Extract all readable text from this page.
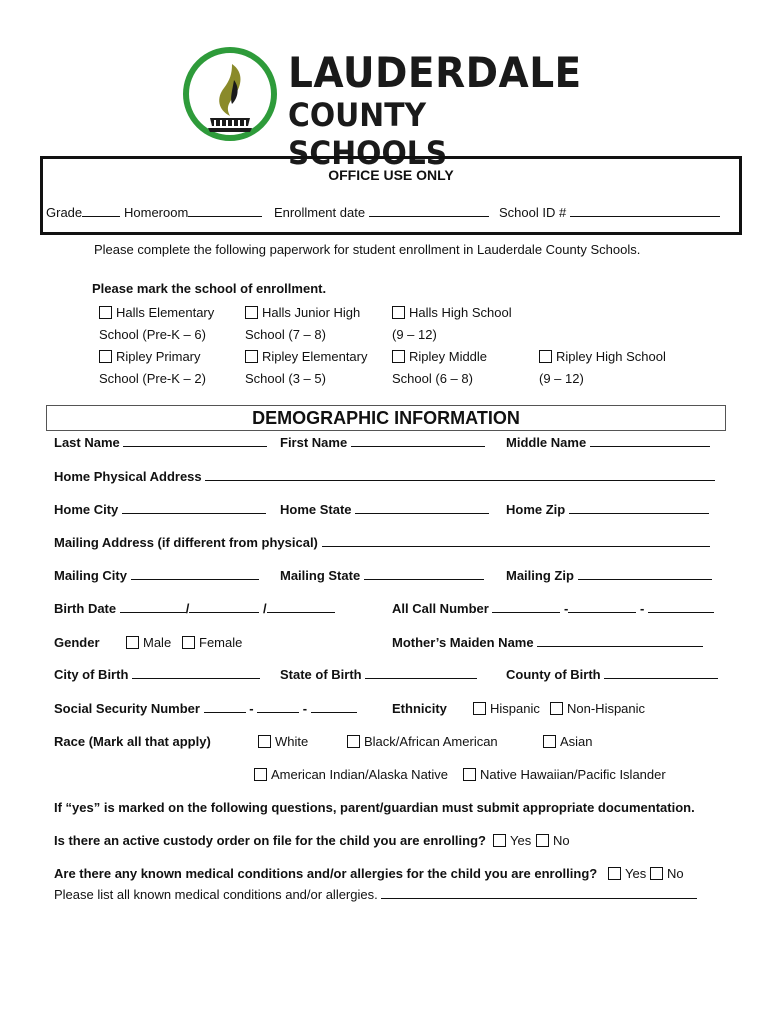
LAUDERDALE
COUNTY SCHOOLS
OFFICE USE ONLY
Grade	Homeroom	Enrollment date	School ID #
Please complete the following paperwork for student enrollment in Lauderdale County Schools.
Please mark the school of enrollment.
Halls Elementary
School (Pre-K – 6)
Halls Junior High
School (7 – 8)
Halls High School
(9 – 12)
Ripley Primary
School (Pre-K – 2)
Ripley Elementary
School (3 – 5)
Ripley Middle
School (6 – 8)
Ripley High School
(9 – 12)
DEMOGRAPHIC INFORMATION
Last Name	First Name	Middle Name
Home Physical Address
Home City	Home State	Home Zip
Mailing Address (if different from physical)
Mailing City	Mailing State	Mailing Zip
Birth Date	/	/	All Call Number	-	-
Gender	Male	Female	Mother’s Maiden Name
City of Birth	State of Birth	County of Birth
Social Security Number	-	-	Ethnicity	Hispanic	Non-Hispanic
Race (Mark all that apply)	White	Black/African American	Asian
American Indian/Alaska Native	Native Hawaiian/Pacific Islander
If “yes” is marked on the following questions, parent/guardian must submit appropriate documentation.
Is there an active custody order on file for the child you are enrolling?	Yes	No
Are there any known medical conditions and/or allergies for the child you are enrolling?	Yes	No
Please list all known medical conditions and/or allergies.
